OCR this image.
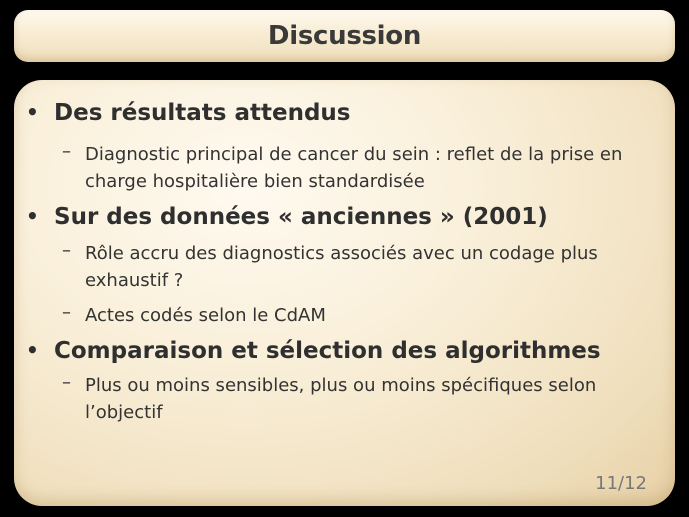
Discussion
• Des résultats attendus
– Diagnostic principal de cancer du sein : reflet de la prise en charge hospitalière bien standardisée
• Sur des données « anciennes » (2001)
– Rôle accru des diagnostics associés avec un codage plus exhaustif ?
– Actes codés selon le CdAM
• Comparaison et sélection des algorithmes
– Plus ou moins sensibles, plus ou moins spécifiques selon l’objectif
11/12
